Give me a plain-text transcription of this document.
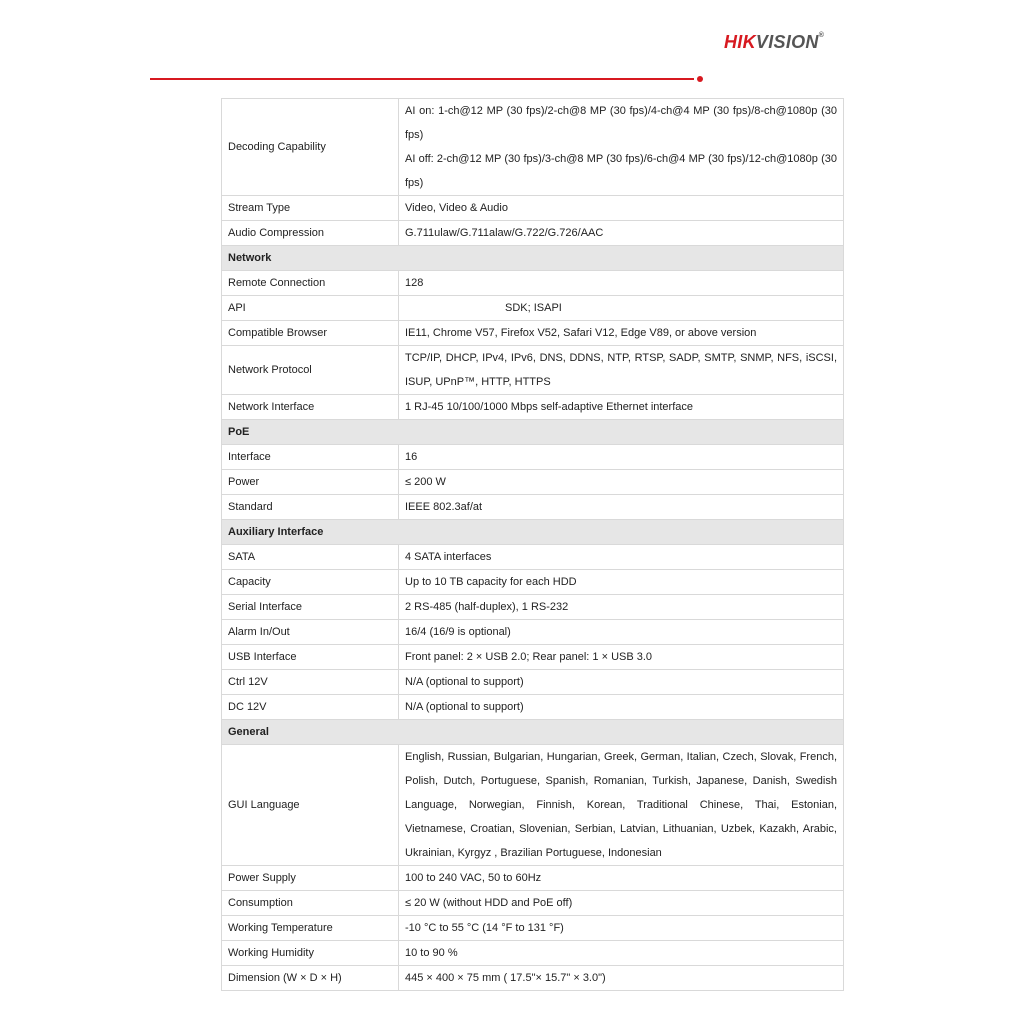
HIKVISION®
Decoding Capability	AI on: 1-ch@12 MP (30 fps)/2-ch@8 MP (30 fps)/4-ch@4 MP (30 fps)/8-ch@1080p (30 fps)
AI off: 2-ch@12 MP (30 fps)/3-ch@8 MP (30 fps)/6-ch@4 MP (30 fps)/12-ch@1080p (30 fps)

Stream Type	Video, Video & Audio
Audio Compression	G.711ulaw/G.711alaw/G.722/G.726/AAC
Network	
Remote Connection	128
API	SDK; ISAPI
Compatible Browser	IE11, Chrome V57, Firefox V52, Safari V12, Edge V89, or above version
Network Protocol	TCP/IP, DHCP, IPv4, IPv6, DNS, DDNS, NTP, RTSP, SADP, SMTP, SNMP, NFS, iSCSI, ISUP, UPnP™, HTTP, HTTPS
Network Interface	1 RJ-45 10/100/1000 Mbps self-adaptive Ethernet interface
PoE	
Interface	16
Power	≤ 200 W
Standard	IEEE 802.3af/at
Auxiliary Interface	
SATA	4 SATA interfaces
Capacity	Up to 10 TB capacity for each HDD
Serial Interface	2 RS-485 (half-duplex), 1 RS-232
Alarm In/Out	16/4 (16/9 is optional)
USB Interface	Front panel: 2 × USB 2.0; Rear panel: 1 × USB 3.0
Ctrl 12V	N/A (optional to support)
DC 12V	N/A (optional to support)
General	
GUI Language	English, Russian, Bulgarian, Hungarian, Greek, German, Italian, Czech, Slovak, French, Polish, Dutch, Portuguese, Spanish, Romanian, Turkish, Japanese, Danish, Swedish Language, Norwegian, Finnish, Korean, Traditional Chinese, Thai, Estonian, Vietnamese, Croatian, Slovenian, Serbian, Latvian, Lithuanian, Uzbek, Kazakh, Arabic, Ukrainian, Kyrgyz , Brazilian Portuguese, Indonesian
Power Supply	100 to 240 VAC, 50 to 60Hz
Consumption	≤ 20 W (without HDD and PoE off)
Working Temperature	-10 °C to 55 °C (14 °F to 131 °F)
Working Humidity	10 to 90 %
Dimension (W × D × H)	445 × 400 × 75 mm ( 17.5"× 15.7" × 3.0")
